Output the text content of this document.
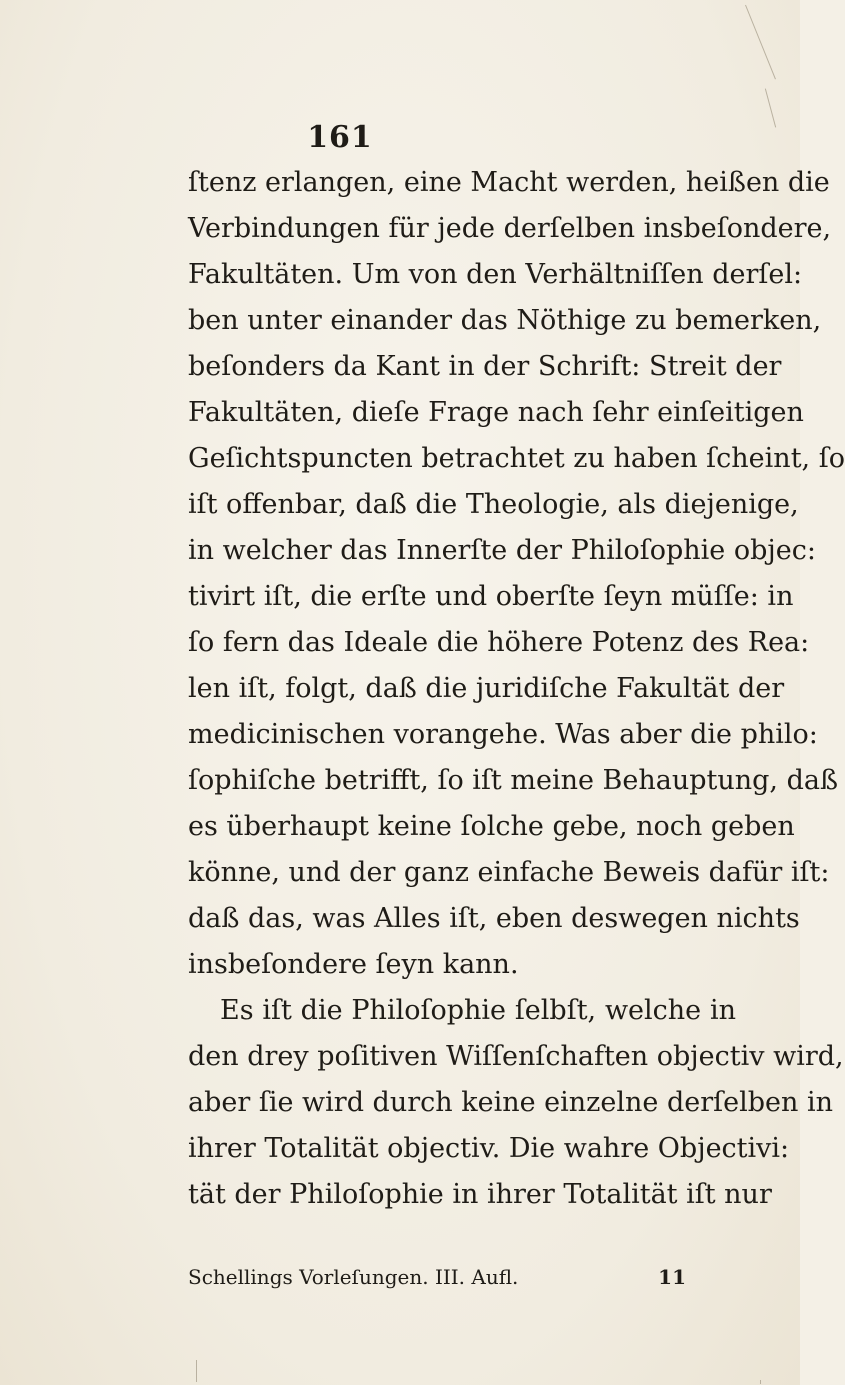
161
ſtenz erlangen, eine Macht werden, heißen die
Verbindungen für jede derſelben insbeſondere,
Fakultäten. Um von den Verhältniſſen derſel:
ben unter einander das Nöthige zu bemerken,
beſonders da Kant in der Schrift: Streit der
Fakultäten, dieſe Frage nach ſehr einſeitigen
Geſichtspuncten betrachtet zu haben ſcheint, ſo
iſt offenbar, daß die Theologie, als diejenige,
in welcher das Innerſte der Philoſophie objec:
tivirt iſt, die erſte und oberſte ſeyn müſſe: in
ſo fern das Ideale die höhere Potenz des Rea:
len iſt, folgt, daß die juridiſche Fakultät der
medicinischen vorangehe. Was aber die philo:
ſophiſche betrifft, ſo iſt meine Behauptung, daß
es überhaupt keine ſolche gebe, noch geben
könne, und der ganz einfache Beweis dafür iſt:
daß das, was Alles iſt, eben deswegen nichts
insbeſondere ſeyn kann.
Es iſt die Philoſophie ſelbſt, welche in
den drey poſitiven Wiſſenſchaften objectiv wird,
aber ſie wird durch keine einzelne derſelben in
ihrer Totalität objectiv. Die wahre Objectivi:
tät der Philoſophie in ihrer Totalität iſt nur
Schellings Vorleſungen. III. Aufl.	11
